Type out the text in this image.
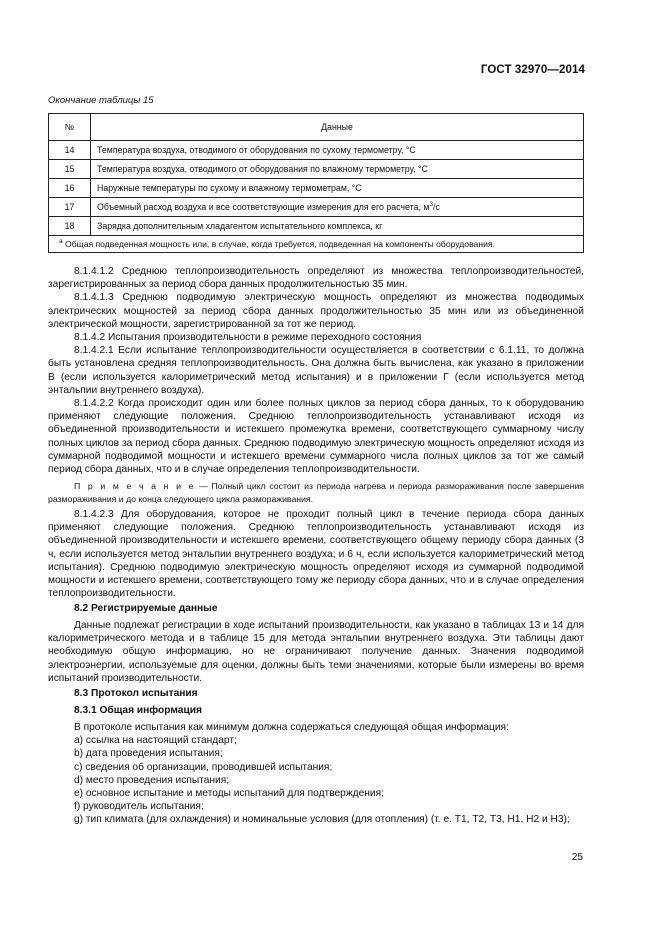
ГОСТ 32970—2014
Окончание таблицы 15
№	Данные
14	Температура воздуха, отводимого от оборудования по сухому термометру, °С
15	Температура воздуха, отводимого от оборудования по влажному термометру, °С
16	Наружные температуры по сухому и влажному термометрам, °С
17	Объемный расход воздуха и все соответствующие измерения для его расчета, $м^3/с$
18	Зарядка дополнительным хладагентом испытательного комплекса, кг
$^а$ Общая подведенная мощность или, в случае, когда требуется, подведенная на компоненты оборудования.	

8.1.4.1.2 Среднюю теплопроизводительность определяют из множества теплопроизводительностей, зарегистрированных за период сбора данных продолжительностью 35 мин.

8.1.4.1.3 Среднюю подводимую электрическую мощность определяют из множества подводимых электрических мощностей за период сбора данных продолжительностью 35 мин или из объединенной электрической мощности, зарегистрированной за тот же период.

8.1.4.2 Испытания производительности в режиме переходного состояния

8.1.4.2.1 Если испытание теплопроизводительности осуществляется в соответствии с 6.1.11, то должна быть установлена средняя теплопроизводительность. Она должна быть вычислена, как указано в приложении В (если используется калориметрический метод испытания) и в приложении Г (если используется метод энтальпии внутреннего воздуха).

8.1.4.2.2 Когда происходит один или более полных циклов за период сбора данных, то к оборудованию применяют следующие положения. Среднюю теплопроизводительность устанавливают исходя из объединенной производительности и истекшего промежутка времени, соответствующего суммарному числу полных циклов за период сбора данных. Среднюю подводимую электрическую мощность определяют исходя из суммарной подводимой мощности и истекшего времени суммарного числа полных циклов за тот же самый период сбора данных, что и в случае определения теплопроизводительности.

П р и м е ч а н и е — Полный цикл состоит из периода нагрева и периода размораживания после завершения размораживания и до конца следующего цикла размораживания.

8.1.4.2.3 Для оборудования, которое не проходит полный цикл в течение периода сбора данных применяют следующие положения. Среднюю теплопроизводительность устанавливают исходя из объединенной производительности и истекшего времени, соответствующего общему периоду сбора данных (3 ч, если используется метод энтальпии внутреннего воздуха; и 6 ч, если используется калориметрический метод испытания). Среднюю подводимую электрическую мощность определяют исходя из суммарной подводимой мощности и истекшего времени, соответствующего тому же периоду сбора данных, что и в случае определения теплопроизводительности.

8.2 Регистрируемые данные

Данные подлежат регистрации в ходе испытаний производительности, как указано в таблицах 13 и 14 для калориметрического метода и в таблице 15 для метода энтальпии внутреннего воздуха. Эти таблицы дают необходимую общую информацию, но не ограничивают получение данных. Значения подводимой электроэнергии, используемые для оценки, должны быть теми значениями, которые были измерены во время испытаний производительности.

8.3 Протокол испытания
8.3.1 Общая информация
В протоколе испытания как минимум должна содержаться следующая общая информация:
a) ссылка на настоящий стандарт;
b) дата проведения испытания;
c) сведения об организации, проводившей испытания;
d) место проведения испытания;
e) основное испытание и методы испытаний для подтверждения;
f) руководитель испытания;
g) тип климата (для охлаждения) и номинальные условия (для отопления) (т. е. Т1, Т2, Т3, Н1, Н2 и Н3);
25
